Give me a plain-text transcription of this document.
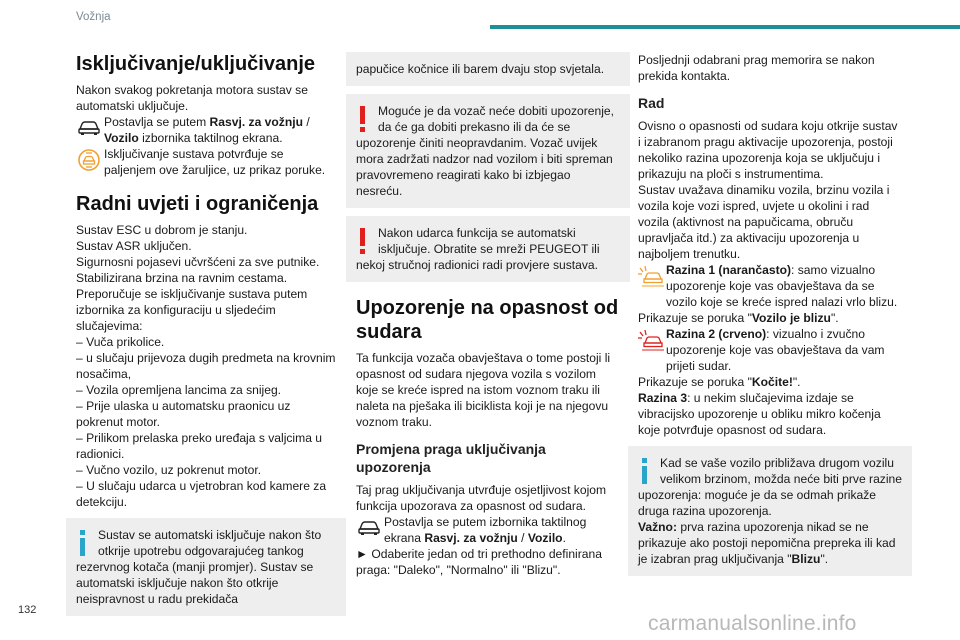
Vožnja
Isključivanje/uključivanje

Nakon svakog pokretanja motora sustav se automatski uključuje.

Postavlja se putem Rasvj. za vožnju / Vozilo izbornika taktilnog ekrana.
Isključivanje sustava potvrđuje se paljenjem ove žaruljice, uz prikaz poruke.
Radni uvjeti i ograničenja

Sustav ESC u dobrom je stanju.

Sustav ASR uključen.

Sigurnosni pojasevi učvršćeni za sve putnike.

Stabilizirana brzina na ravnim cestama.

Preporučuje se isključivanje sustava putem izbornika za konfiguraciju u sljedećim slučajevima:

– Vuča prikolice.

– u slučaju prijevoza dugih predmeta na krovnim nosačima,

– Vozila opremljena lancima za snijeg.

– Prije ulaska u automatsku praonicu uz pokrenut motor.

– Prilikom prelaska preko uređaja s valjcima u radionici.

– Vučno vozilo, uz pokrenut motor.

– U slučaju udarca u vjetrobran kod kamere za detekciju.

Sustav se automatski isključuje nakon što otkrije upotrebu odgovarajućeg tankog rezervnog kotača (manji promjer). Sustav se automatski isključuje nakon što otkrije neispravnost u radu prekidača

papučice kočnice ili barem dvaju stop svjetala.

Moguće je da vozač neće dobiti upozorenje, da će ga dobiti prekasno ili da će se upozorenje činiti neopravdanim. Vozač uvijek mora zadržati nadzor nad vozilom i biti spreman pravovremeno reagirati kako bi izbjegao nesreću.

Nakon udarca funkcija se automatski isključuje. Obratite se mreži PEUGEOT ili nekoj stručnoj radionici radi provjere sustava.

Upozorenje na opasnost od sudara

Ta funkcija vozača obavještava o tome postoji li opasnost od sudara njegova vozila s vozilom koje se kreće ispred na istom voznom traku ili naleta na pješaka ili biciklista koji je na njegovu voznom traku.

Promjena praga uključivanja upozorenja

Taj prag uključivanja utvrđuje osjetljivost kojom funkcija upozorava za opasnost od sudara.

Postavlja se putem izbornika taktilnog ekrana Rasvj. za vožnju / Vozilo.

► Odaberite jedan od tri prethodno definirana praga: "Daleko", "Normalno" ili "Blizu".

Posljednji odabrani prag memorira se nakon prekida kontakta.

Rad

Ovisno o opasnosti od sudara koju otkrije sustav i izabranom pragu aktivacije upozorenja, postoji nekoliko razina upozorenja koja se uključuju i prikazuju na ploči s instrumentima.

Sustav uvažava dinamiku vozila, brzinu vozila i vozila koje vozi ispred, uvjete u okolini i rad vozila (aktivnost na papučicama, obruču upravljača itd.) za aktivaciju upozorenja u najboljem trenutku.

Razina 1 (narančasto): samo vizualno upozorenje koje vas obavještava da se vozilo koje se kreće ispred nalazi vrlo blizu.

Prikazuje se poruka "Vozilo je blizu".

Razina 2 (crveno): vizualno i zvučno upozorenje koje vas obavještava da vam prijeti sudar.

Prikazuje se poruka "Kočite!".

Razina 3: u nekim slučajevima izdaje se vibracijsko upozorenje u obliku mikro kočenja koje potvrđuje opasnost od sudara.

Kad se vaše vozilo približava drugom vozilu velikom brzinom, možda neće biti prve razine upozorenja: moguće je da se odmah prikaže druga razina upozorenja.

Važno: prva razina upozorenja nikad se ne prikazuje ako postoji nepomična prepreka ili kad je izabran prag uključivanja "Blizu".

132
carmanualsonline.info
